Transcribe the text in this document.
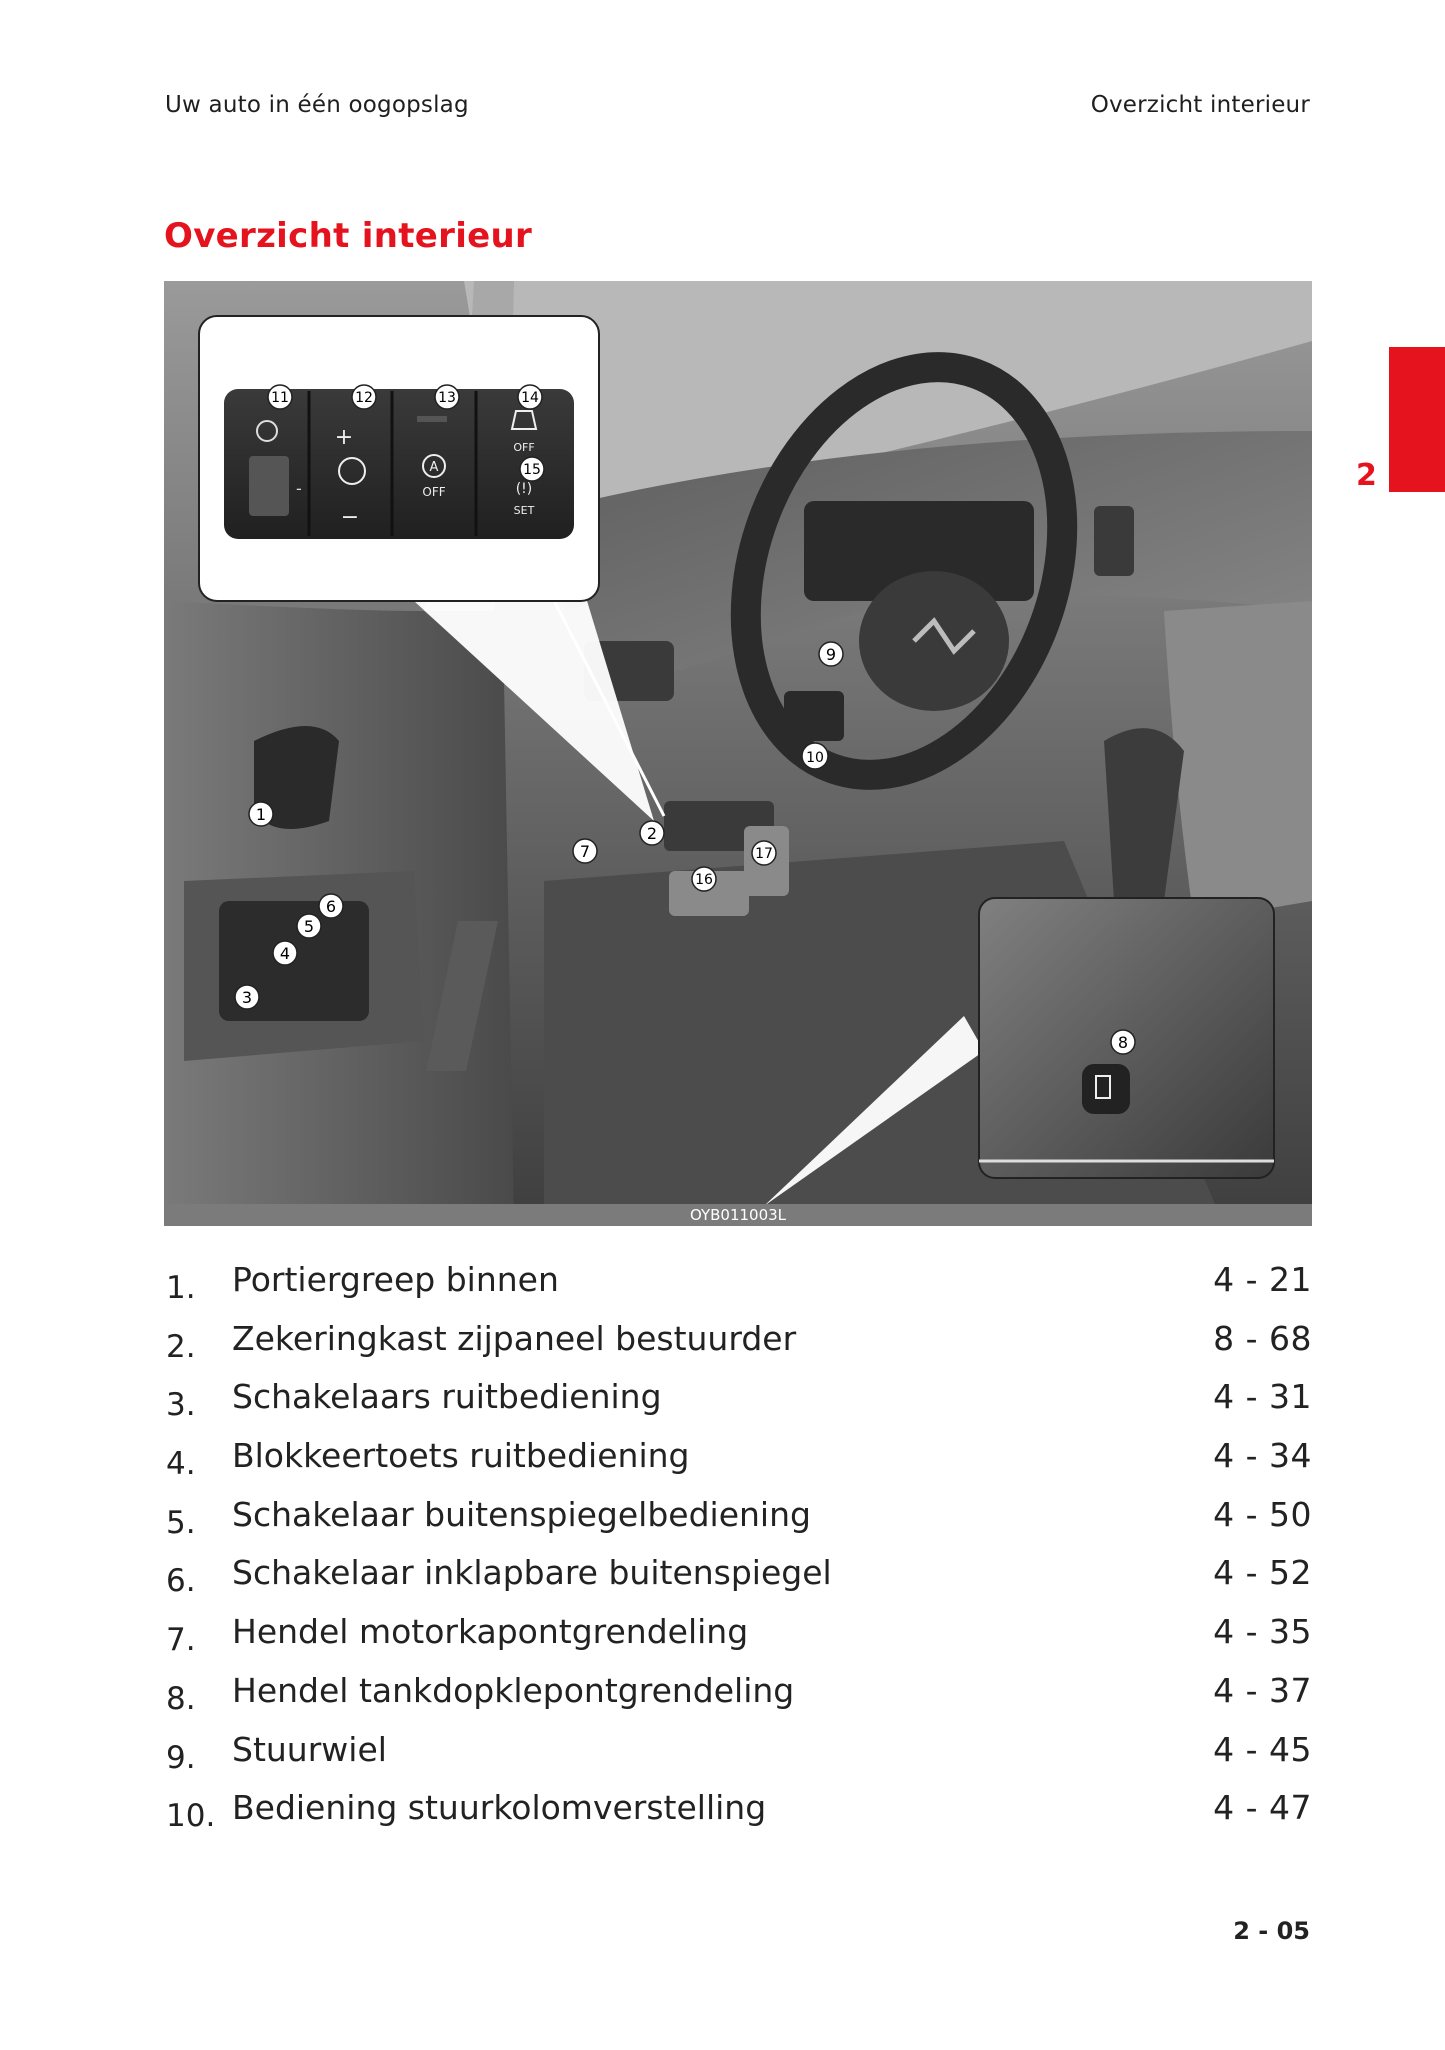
Uw auto in één oogopslag	Overzicht interieur
Overzicht interieur
2
-
+
−
A
OFF
OFF
(!)
SET
1
2
3
4
5
6
7
8
9
10
11	12	13	14
15
16
17
OYB011003L
1. Portiergreep binnen	4 - 21
2. Zekeringkast zijpaneel bestuurder	8 - 68
3. Schakelaars ruitbediening	4 - 31
4. Blokkeertoets ruitbediening	4 - 34
5. Schakelaar buitenspiegelbediening	4 - 50
6. Schakelaar inklapbare buitenspiegel	4 - 52
7. Hendel motorkapontgrendeling	4 - 35
8. Hendel tankdopklepontgrendeling	4 - 37
9. Stuurwiel	4 - 45
10. Bediening stuurkolomverstelling	4 - 47
2 - 05
